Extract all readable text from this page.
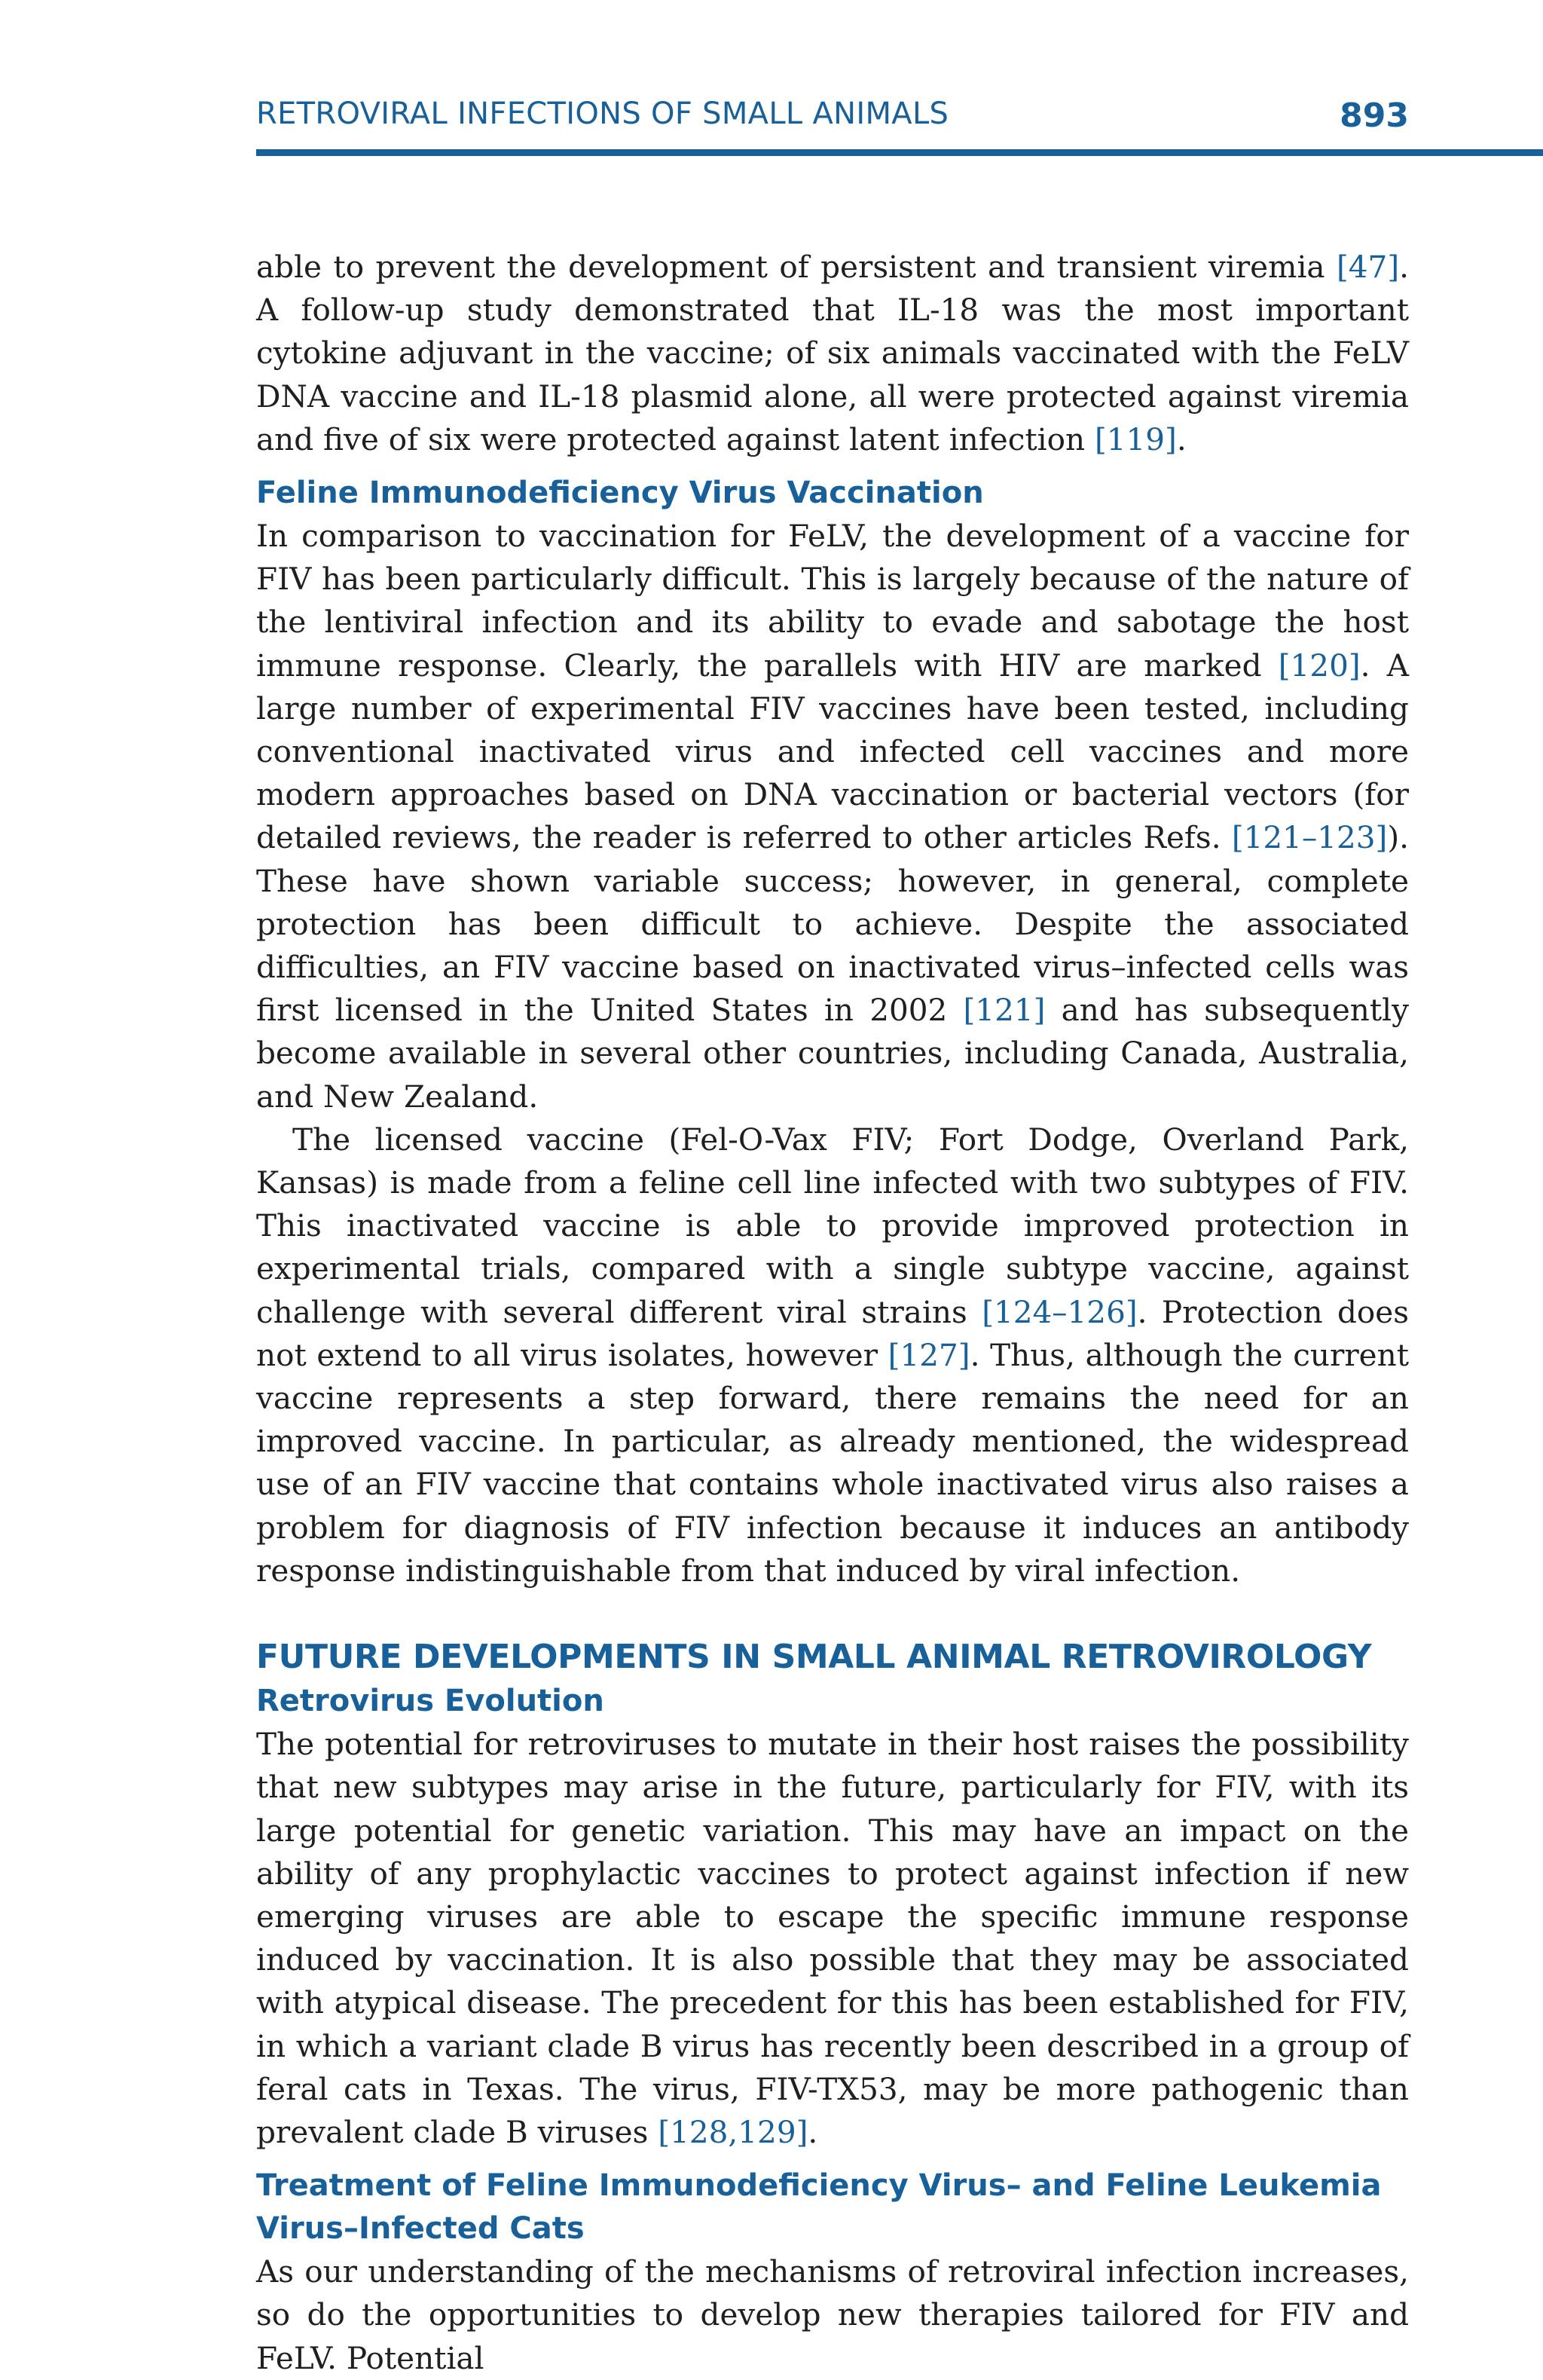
RETROVIRAL INFECTIONS OF SMALL ANIMALS	893

able to prevent the development of persistent and transient viremia [47]. A follow-up study demonstrated that IL-18 was the most important cytokine adjuvant in the vaccine; of six animals vaccinated with the FeLV DNA vaccine and IL-18 plasmid alone, all were protected against viremia and five of six were protected against latent infection [119].

Feline Immunodeficiency Virus Vaccination

In comparison to vaccination for FeLV, the development of a vaccine for FIV has been particularly difficult. This is largely because of the nature of the lentiviral infection and its ability to evade and sabotage the host immune response. Clearly, the parallels with HIV are marked [120]. A large number of experimental FIV vaccines have been tested, including conventional inactivated virus and infected cell vaccines and more modern approaches based on DNA vaccination or bacterial vectors (for detailed reviews, the reader is referred to other articles Refs. [121–123]). These have shown variable success; however, in general, complete protection has been difficult to achieve. Despite the associated difficulties, an FIV vaccine based on inactivated virus–infected cells was first licensed in the United States in 2002 [121] and has subsequently become available in several other countries, including Canada, Australia, and New Zealand.

The licensed vaccine (Fel-O-Vax FIV; Fort Dodge, Overland Park, Kansas) is made from a feline cell line infected with two subtypes of FIV. This inactivated vaccine is able to provide improved protection in experimental trials, compared with a single subtype vaccine, against challenge with several different viral strains [124–126]. Protection does not extend to all virus isolates, however [127]. Thus, although the current vaccine represents a step forward, there remains the need for an improved vaccine. In particular, as already mentioned, the widespread use of an FIV vaccine that contains whole inactivated virus also raises a problem for diagnosis of FIV infection because it induces an antibody response indistinguishable from that induced by viral infection.

FUTURE DEVELOPMENTS IN SMALL ANIMAL RETROVIROLOGY
Retrovirus Evolution

The potential for retroviruses to mutate in their host raises the possibility that new subtypes may arise in the future, particularly for FIV, with its large potential for genetic variation. This may have an impact on the ability of any prophylactic vaccines to protect against infection if new emerging viruses are able to escape the specific immune response induced by vaccination. It is also possible that they may be associated with atypical disease. The precedent for this has been established for FIV, in which a variant clade B virus has recently been described in a group of feral cats in Texas. The virus, FIV-TX53, may be more pathogenic than prevalent clade B viruses [128,129].

Treatment of Feline Immunodeficiency Virus– and Feline Leukemia
Virus–Infected Cats

As our understanding of the mechanisms of retroviral infection increases, so do the opportunities to develop new therapies tailored for FIV and FeLV. Potential
